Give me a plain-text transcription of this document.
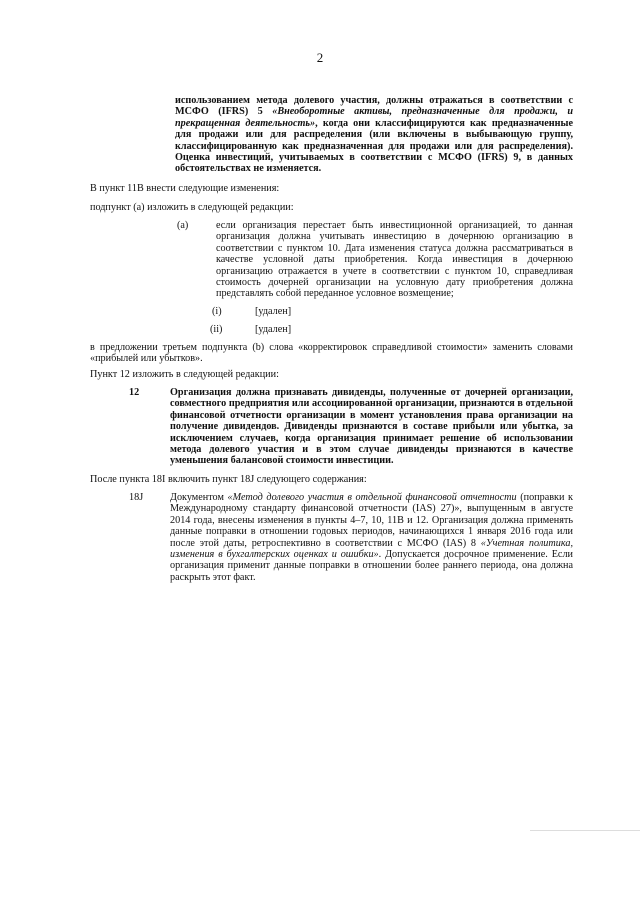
2

использованием метода долевого участия, должны отражаться в соответствии с МСФО (IFRS) 5 «Внеоборотные активы, предназначенные для продажи, и прекращенная деятельность», когда они классифицируются как предназначенные для продажи или для распределения (или включены в выбывающую группу, классифицированную как предназначенная для продажи или для распределения). Оценка инвестиций, учитываемых в соответствии с МСФО (IFRS) 9, в данных обстоятельствах не изменяется.

В пункт 11B внести следующие изменения:

подпункт (a) изложить в следующей редакции:

(a)	если организация перестает быть инвестиционной организацией, то данная организация должна учитывать инвестицию в дочернюю организацию в соответствии с пунктом 10. Дата изменения статуса должна рассматриваться в качестве условной даты приобретения. Когда инвестиция в дочернюю организацию отражается в учете в соответствии с пунктом 10, справедливая стоимость дочерней организации на условную дату приобретения должна представлять собой переданное условное возмещение;

(i)	[удален]
(ii)	[удален]

в предложении третьем подпункта (b) слова «корректировок справедливой стоимости» заменить словами «прибылей или убытков».

Пункт 12 изложить в следующей редакции:

12	Организация должна признавать дивиденды, полученные от дочерней организации, совместного предприятия или ассоциированной организации, признаются в отдельной финансовой отчетности организации в момент установления права организации на получение дивидендов. Дивиденды признаются в составе прибыли или убытка, за исключением случаев, когда организация принимает решение об использовании метода долевого участия и в этом случае дивиденды признаются в качестве уменьшения балансовой стоимости инвестиции.

После пункта 18I включить пункт 18J следующего содержания:

18J	Документом «Метод долевого участия в отдельной финансовой отчетности (поправки к Международному стандарту финансовой отчетности (IAS) 27)», выпущенным в августе 2014 года, внесены изменения в пункты 4–7, 10, 11B и 12. Организация должна применять данные поправки в отношении годовых периодов, начинающихся 1 января 2016 года или после этой даты, ретроспективно в соответствии с МСФО (IAS) 8 «Учетная политика, изменения в бухгалтерских оценках и ошибки». Допускается досрочное применение. Если организация применит данные поправки в отношении более раннего периода, она должна раскрыть этот факт.
